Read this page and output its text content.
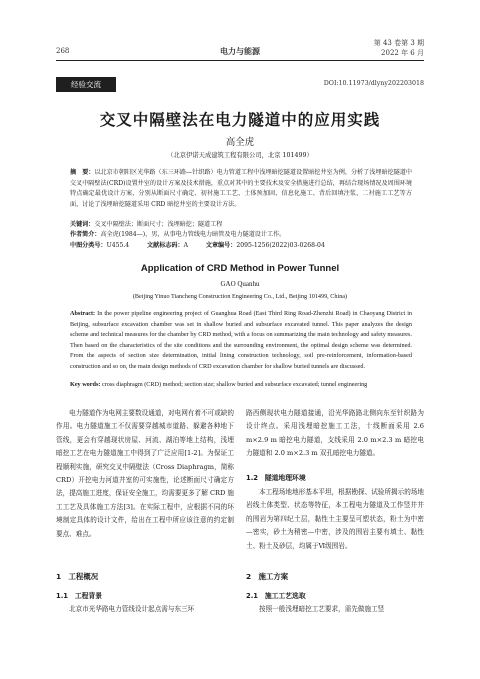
268	电力与能源
第 43 卷第 3 期
2022 年 6 月
经验交流	DOI:10.11973/dlyny202203018
交叉中隔壁法在电力隧道中的应用实践
高全虎
（北京伊诺天成建筑工程有限公司，北京 101499）
摘　要：以北京市朝阳区光华路（东三环路—针织路）电力管道工程中浅埋暗挖隧道设置暗挖井室为例，分析了浅埋暗挖隧道中交叉中隔壁法(CRD)设置井室的设计方案及技术措施，重点对其中的主要技术及安全措施进行总结，再结合现场情况及周围环境特点确定最优设计方案，分别从断面尺寸确定、初衬施工工艺、土体预加固、信息化施工、背后回填注浆、二衬施工工艺等方面，讨论了浅埋暗挖隧道采用 CRD 暗挖井室的主要设计方法。
关键词：交叉中隔壁法；断面尺寸；浅埋暗挖；隧道工程
作者简介：高全虎(1984—)，男，从事电力管线电力暗管及电力隧道设计工作。
中图分类号：U455.4	文献标志码：A	文章编号：2095-1256(2022)03-0268-04
Application of CRD Method in Power Tunnel
GAO Quanhu
(Beijing Yinuo Tiancheng Construction Engineering Co., Ltd., Beijing 101499, China)
Abstract: In the power pipeline engineering project of Guanghua Road (East Third Ring Road-Zhenzhi Road) in Chaoyang District in Beijing, subsurface excavation chamber was set in shallow buried and subsurface excavated tunnel. This paper analyzes the design scheme and technical measures for the chamber by CRD method, with a focus on summarizing the main technology and safety measures. Then based on the characteristics of the site conditions and the surrounding environment, the optimal design scheme was determined. From the aspects of section size determination, initial lining construction technology, soil pre-reinforcement, information-based construction and so on, the main design methods of CRD excavation chamber for shallow buried tunnels are discussed.
Key words: cross diaphragm (CRD) method; section size; shallow buried and subsurface excavated; tunnel engineering
电力隧道作为电网主要数设通道，对电网有着不可或缺的作用。电力隧道施工不仅需要穿越城市道路、躲避各种地下管线，更会有穿越现状房屋、河流、湖泊等地上结构，浅埋暗挖工艺在电力隧道施工中得到了广泛应用[1-2]。为保证工程顺利实施，研究交叉中隔壁法（Cross Diaphragm，简称 CRD）开挖电力河道井室的可实施性，论述断面尺寸确定方法，提高施工进度，保证安全施工，均需要更多了解 CRD 施工工艺及具体施工方法[3]。在实际工程中，应根据不同的环境制定具体的设计文件，给出在工程中所应该注意的约定制要点、难点。
1　工程概况
1.1　工程背景
北京市光华路电力管线设计起点需与东三环
路西侧现状电力隧道接通，沿光华路路北侧向东至针织路为设计终点。采用浅埋暗挖施工工法，十线断面采用 2.6 m×2.9 m 暗挖电力隧道，支线采用 2.0 m×2.3 m 暗挖电力隧道和 2.0 m×2.3 m 双孔暗挖电力隧道。
1.2　隧道地理环境
本工程场地地形基本平坦，根据勘探、试验所揭示的场地岩线土体类型、状态等特征，本工程电力隧道及工作竖井井的围岩为第四纪土层，黏性土主要呈可塑状态，粉土为中密—密实，砂土为稍密—中密，涉及的围岩主要有填土、黏性土、粉土及砂层，均属于Ⅵ级围岩。
2　施工方案
2.1　施工工艺选取
按照一般浅埋暗挖工艺要求，需先做施工竖
